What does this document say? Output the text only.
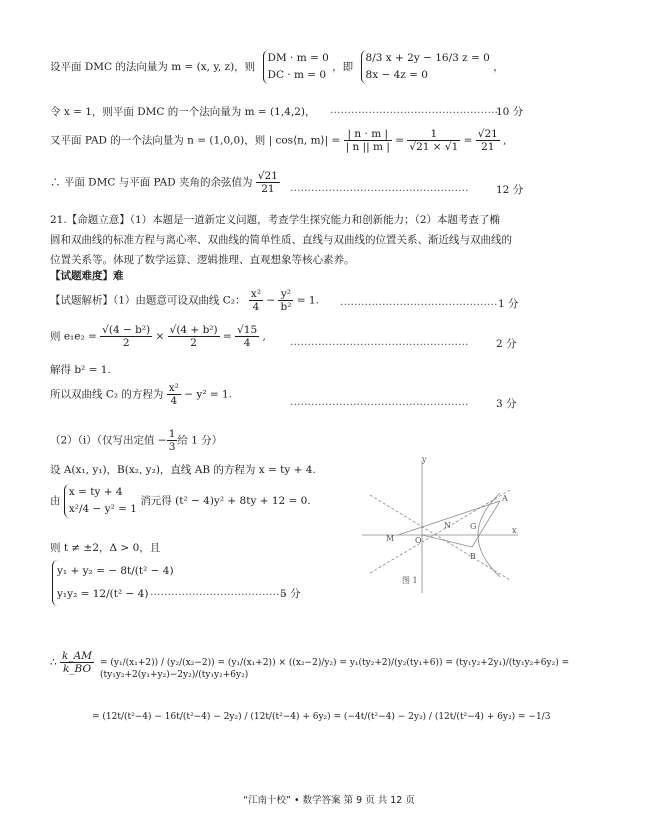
设平面 DMC 的法向量为 m = (x, y, z)，则
DM · m = 0
DC · m = 0
，即
8/3 x + 2y − 16/3 z = 0
8x − 4z = 0
，
令 x = 1，则平面 DMC 的一个法向量为 m = (1,4,2)， …………………………………………
10 分
又平面 PAD 的一个法向量为 n = (1,0,0)，则 | cos⟨n, m⟩| = $\frac{| n \cdot m |}{| n || m |} = \frac{1}{√21 \times √1} = \frac{√21}{21}$ ,
∴ 平面 DMC 与平面 PAD 夹角的余弦值为 $\frac{√21}{21}$ ……………………………………………	12 分
21.【命题立意】（1）本题是一道新定义问题，考查学生探究能力和创新能力；（2）本题考查了椭
圆和双曲线的标准方程与离心率、双曲线的简单性质、直线与双曲线的位置关系、渐近线与双曲线的
位置关系等。体现了数学运算、逻辑推理、直观想象等核心素养。
【试题难度】难
【试题解析】（1）由题意可设双曲线 C₂： $\frac{\text{x²}}{4} - \frac{\text{y²}}{\text{b²}} = 1$. ……………………………………… 1 分
则 $e_1e_2 = \frac{\text{√(4 − b²)}}{2} \times \frac{\text{√(4 + b²)}}{2} = \frac{√15}{4}$ , ……………………………………………	2 分
解得 b² = 1.
所以双曲线 C₂ 的方程为 $\frac{\text{x²}}{4} - y^2 = 1$.
……………………………………………	3 分
（2）（i）（仅写出定值 − $\frac{1}{3}$ 给 1 分）
设 A(x₁, y₁)，B(x₂, y₂)，直线 AB 的方程为 x = ty + 4.
由
x = ty + 4
x²/4 − y² = 1
消元得 (t² − 4)y² + 8ty + 12 = 0.
则 t ≠ ±2，Δ > 0，且
y₁ + y₂ = − 8t/(t² − 4)
y₁y₂ = 12/(t² − 4) …………………………………
5 分
∴ $\frac{k\_AM}{k\_BO} = (y_1/(x_1+2)) / (y_2/(x_2-2)) = (y_1/(x_1+2)) \times ((x_2-2)/y_2) = y_1(ty_2+2)/(y_2(ty_1+6)) = (ty_1y_2+2y_1)/(ty_1y_2+6y_2) = (ty_1y_2+2(y_1+y_2)-2y_2)/(ty_1y_2+6y_2)$
= (12t/(t²−4) − 16t/(t²−4) − 2y₂) / (12t/(t²−4) + 6y₂) = (−4t/(t²−4) − 2y₂) / (12t/(t²−4) + 6y₂) = −1/3
y
x
M	O
A
B
G
N
图 1
“江南十校” • 数学答案 第 9 页 共 12 页
